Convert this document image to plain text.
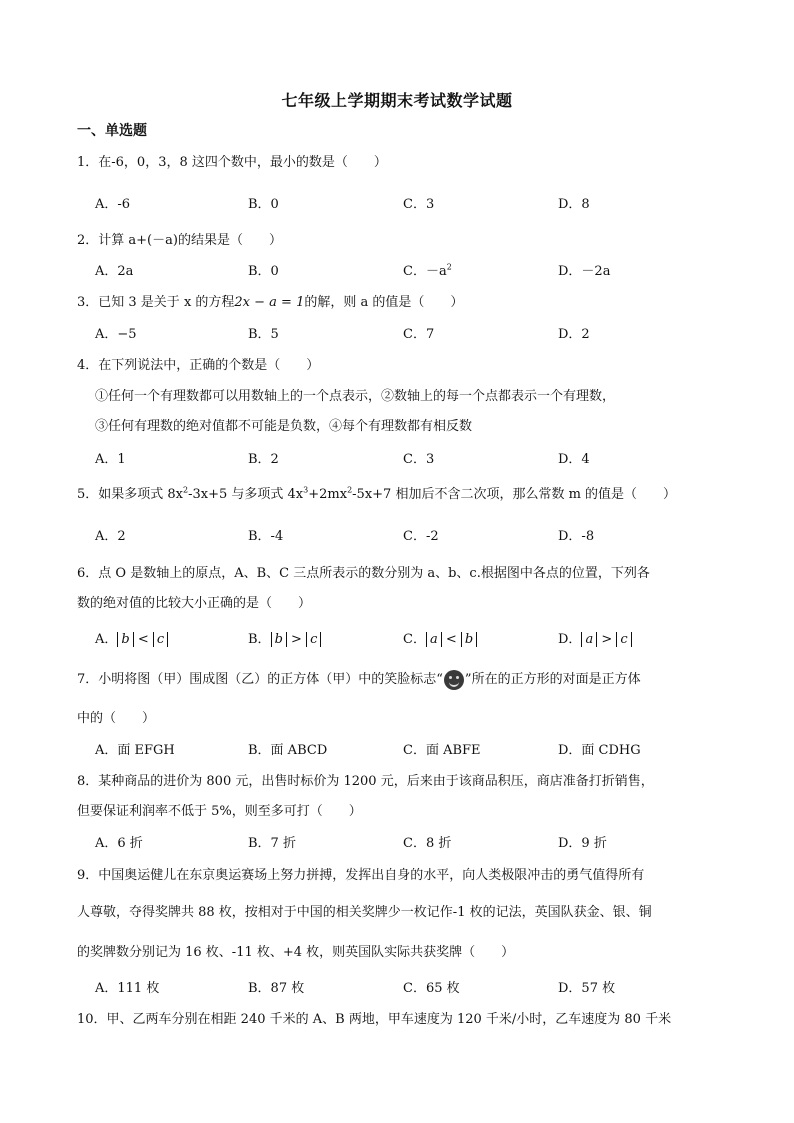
七年级上学期期末考试数学试题
一、单选题
1．在-6，0，3，8 这四个数中，最小的数是（　　）
A．-6	B．0	C．3	D．8
2．计算 a+(－a)的结果是（　　）
A．2a	B．0	C．$-a^2$	D．－2a
3．已知 3 是关于 x 的方程2x − a = 1的解，则 a 的值是（　　）
A．−5	B．5	C．7	D．2
4．在下列说法中，正确的个数是（　　）
①任何一个有理数都可以用数轴上的一个点表示，②数轴上的每一个点都表示一个有理数，
③任何有理数的绝对值都不可能是负数，④每个有理数都有相反数
A．1	B．2	C．3	D．4
5．如果多项式 $8x^2-3x+5$ 与多项式 $4x^3+2mx^2-5x+7$ 相加后不含二次项，那么常数 m 的值是（　　）
A．2	B．-4	C．-2	D．-8
6．点 O 是数轴上的原点，A、B、C 三点所表示的数分别为 a、b、c.根据图中各点的位置，下列各
数的绝对值的比较大小正确的是（　　）
A． b < c	B． b > c	C． a < b	D． a > c
7．小明将图（甲）围成图（乙）的正方体（甲）中的笑脸标志“ ”所在的正方形的对面是正方体
中的（　　）
A．面 EFGH	B．面 ABCD	C．面 ABFE	D．面 CDHG
8．某种商品的进价为 800 元，出售时标价为 1200 元，后来由于该商品积压，商店准备打折销售，
但要保证利润率不低于 5%，则至多可打（　　）
A．6 折	B．7 折	C．8 折	D．9 折
9．中国奥运健儿在东京奥运赛场上努力拼搏，发挥出自身的水平，向人类极限冲击的勇气值得所有
人尊敬，夺得奖牌共 88 枚，按相对于中国的相关奖牌少一枚记作-1 枚的记法，英国队获金、银、铜
的奖牌数分别记为 16 枚、-11 枚、+4 枚，则英国队实际共获奖牌（　　）
A．111 枚	B．87 枚	C．65 枚	D．57 枚
10．甲、乙两车分别在相距 240 千米的 A、B 两地，甲车速度为 120 千米/小时，乙车速度为 80 千米
